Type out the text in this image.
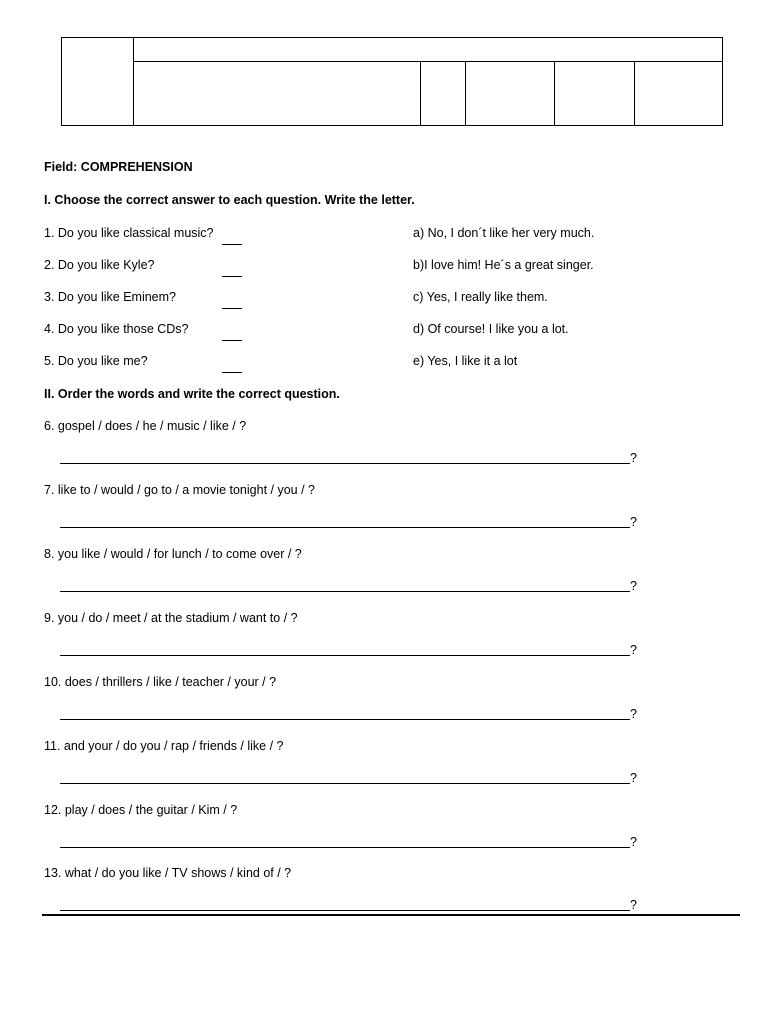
Field: COMPREHENSION
I. Choose the correct answer to each question. Write the letter.
1. Do you like classical music?	a) No, I don´t like her very much.
2. Do you like Kyle?	b)I love him! He´s a great singer.
3. Do you like Eminem?	c) Yes, I really like them.
4. Do you like those CDs?	d) Of course! I like you a lot.
5. Do you like me?	e) Yes, I like it a lot
II. Order the words and write the correct question.
6. gospel / does / he / music / like / ?
?
7. like to / would / go to / a movie tonight / you / ?
?
8. you like / would / for lunch / to come over / ?
?
9. you / do / meet / at the stadium / want to / ?
?
10. does / thrillers / like / teacher / your / ?
?
11. and your / do you / rap / friends / like / ?
?
12. play / does / the guitar / Kim / ?
?
13. what / do you like / TV shows / kind of / ?
?
